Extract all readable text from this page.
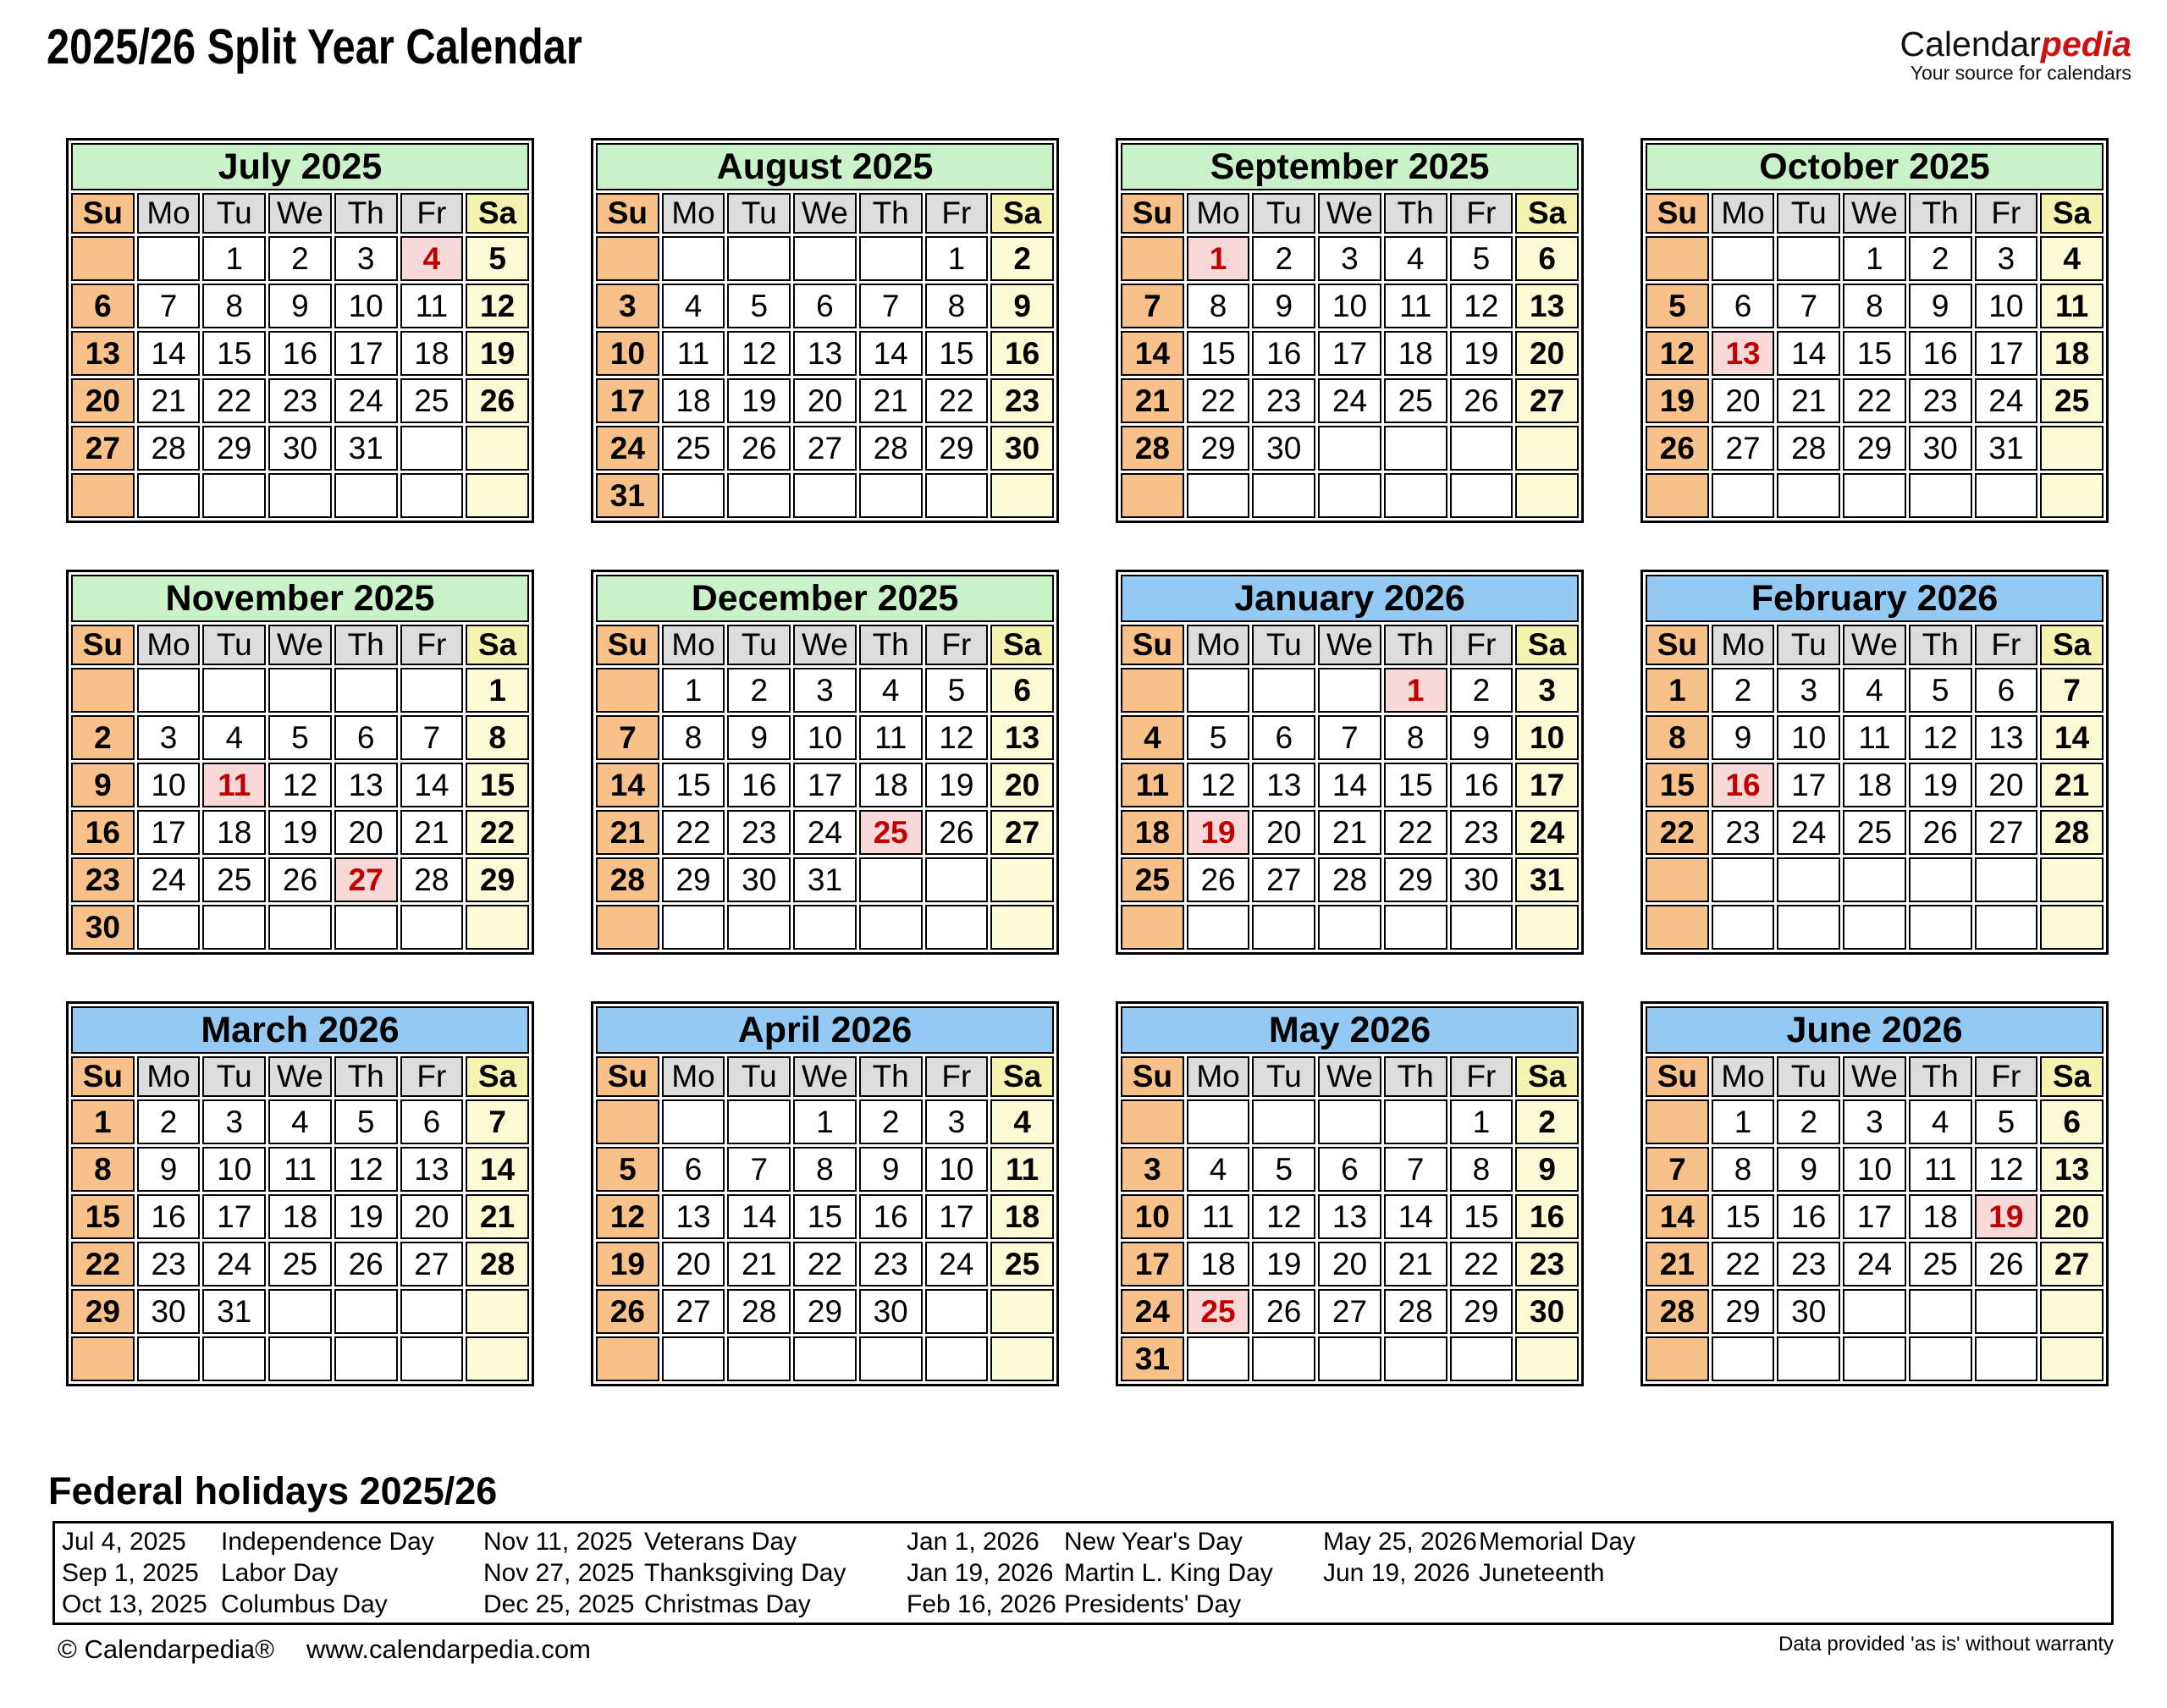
2025/26 Split Year Calendar	Calendarpedia
Your source for calendars
July 2025						
Su	Mo	Tu	We	Th	Fr	Sa
		1	2	3	4	5
6	7	8	9	10	11	12
13	14	15	16	17	18	19
20	21	22	23	24	25	26
27	28	29	30	31		

August 2025						
Su	Mo	Tu	We	Th	Fr	Sa
					1	2
3	4	5	6	7	8	9
10	11	12	13	14	15	16
17	18	19	20	21	22	23
24	25	26	27	28	29	30
31						
September 2025						
Su	Mo	Tu	We	Th	Fr	Sa
	1	2	3	4	5	6
7	8	9	10	11	12	13
14	15	16	17	18	19	20
21	22	23	24	25	26	27
28	29	30				

October 2025						
Su	Mo	Tu	We	Th	Fr	Sa
			1	2	3	4
5	6	7	8	9	10	11
12	13	14	15	16	17	18
19	20	21	22	23	24	25
26	27	28	29	30	31	

November 2025						
Su	Mo	Tu	We	Th	Fr	Sa
						1
2	3	4	5	6	7	8
9	10	11	12	13	14	15
16	17	18	19	20	21	22
23	24	25	26	27	28	29
30						
December 2025						
Su	Mo	Tu	We	Th	Fr	Sa
	1	2	3	4	5	6
7	8	9	10	11	12	13
14	15	16	17	18	19	20
21	22	23	24	25	26	27
28	29	30	31			

January 2026						
Su	Mo	Tu	We	Th	Fr	Sa
				1	2	3
4	5	6	7	8	9	10
11	12	13	14	15	16	17
18	19	20	21	22	23	24
25	26	27	28	29	30	31

February 2026						
Su	Mo	Tu	We	Th	Fr	Sa
1	2	3	4	5	6	7
8	9	10	11	12	13	14
15	16	17	18	19	20	21
22	23	24	25	26	27	28

March 2026						
Su	Mo	Tu	We	Th	Fr	Sa
1	2	3	4	5	6	7
8	9	10	11	12	13	14
15	16	17	18	19	20	21
22	23	24	25	26	27	28
29	30	31				

April 2026						
Su	Mo	Tu	We	Th	Fr	Sa
			1	2	3	4
5	6	7	8	9	10	11
12	13	14	15	16	17	18
19	20	21	22	23	24	25
26	27	28	29	30		

May 2026						
Su	Mo	Tu	We	Th	Fr	Sa
					1	2
3	4	5	6	7	8	9
10	11	12	13	14	15	16
17	18	19	20	21	22	23
24	25	26	27	28	29	30
31						
June 2026						
Su	Mo	Tu	We	Th	Fr	Sa
	1	2	3	4	5	6
7	8	9	10	11	12	13
14	15	16	17	18	19	20
21	22	23	24	25	26	27
28	29	30				

Federal holidays 2025/26
Jul 4, 2025	Independence Day	Nov 11, 2025 Veterans Day	Jan 1, 2026 New Year's Day	May 25, 2026 Memorial Day
Sep 1, 2025 Labor Day	Nov 27, 2025 Thanksgiving Day	Jan 19, 2026 Martin L. King Day	Jun 19, 2026 Juneteenth
Oct 13, 2025 Columbus Day	Dec 25, 2025 Christmas Day	Feb 16, 2026 Presidents' Day
© Calendarpedia® www.calendarpedia.com	Data provided 'as is' without warranty
